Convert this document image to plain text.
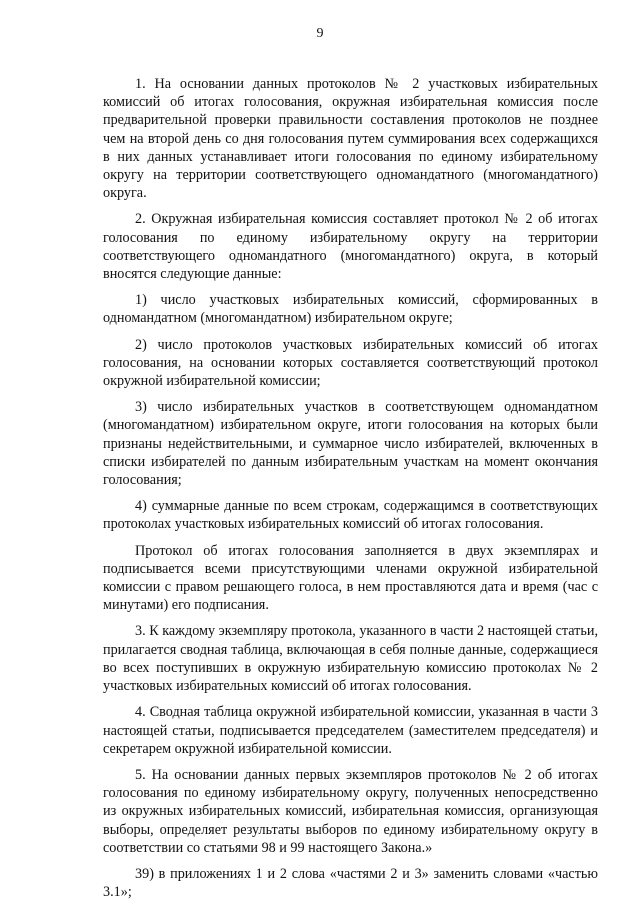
9

1. На основании данных протоколов № 2 участковых избирательных комиссий об итогах голосования, окружная избирательная комиссия после предварительной проверки правильности составления протоколов не позднее чем на второй день со дня голосования путем суммирования всех содержащихся в них данных устанавливает итоги голосования по единому избирательному округу на территории соответствующего одномандатного (многомандатного) округа.

2. Окружная избирательная комиссия составляет протокол № 2 об итогах голосования по единому избирательному округу на территории соответствующего одномандатного (многомандатного) округа, в который вносятся следующие данные:

1) число участковых избирательных комиссий, сформированных в одномандатном (многомандатном) избирательном округе;

2) число протоколов участковых избирательных комиссий об итогах голосования, на основании которых составляется соответствующий протокол окружной избирательной комиссии;

3) число избирательных участков в соответствующем одномандатном (многомандатном) избирательном округе, итоги голосования на которых были признаны недействительными, и суммарное число избирателей, включенных в списки избирателей по данным избирательным участкам на момент окончания голосования;

4) суммарные данные по всем строкам, содержащимся в соответствующих протоколах участковых избирательных комиссий об итогах голосования.

Протокол об итогах голосования заполняется в двух экземплярах и подписывается всеми присутствующими членами окружной избирательной комиссии с правом решающего голоса, в нем проставляются дата и время (час с минутами) его подписания.

3. К каждому экземпляру протокола, указанного в части 2 настоящей статьи, прилагается сводная таблица, включающая в себя полные данные, содержащиеся во всех поступивших в окружную избирательную комиссию протоколах № 2 участковых избирательных комиссий об итогах голосования.

4. Сводная таблица окружной избирательной комиссии, указанная в части 3 настоящей статьи, подписывается председателем (заместителем председателя) и секретарем окружной избирательной комиссии.

5. На основании данных первых экземпляров протоколов № 2 об итогах голосования по единому избирательному округу, полученных непосредственно из окружных избирательных комиссий, избирательная комиссия, организующая выборы, определяет результаты выборов по единому избирательному округу в соответствии со статьями 98 и 99 настоящего Закона.»

39) в приложениях 1 и 2 слова «частями 2 и 3» заменить словами «частью 3.1»;
